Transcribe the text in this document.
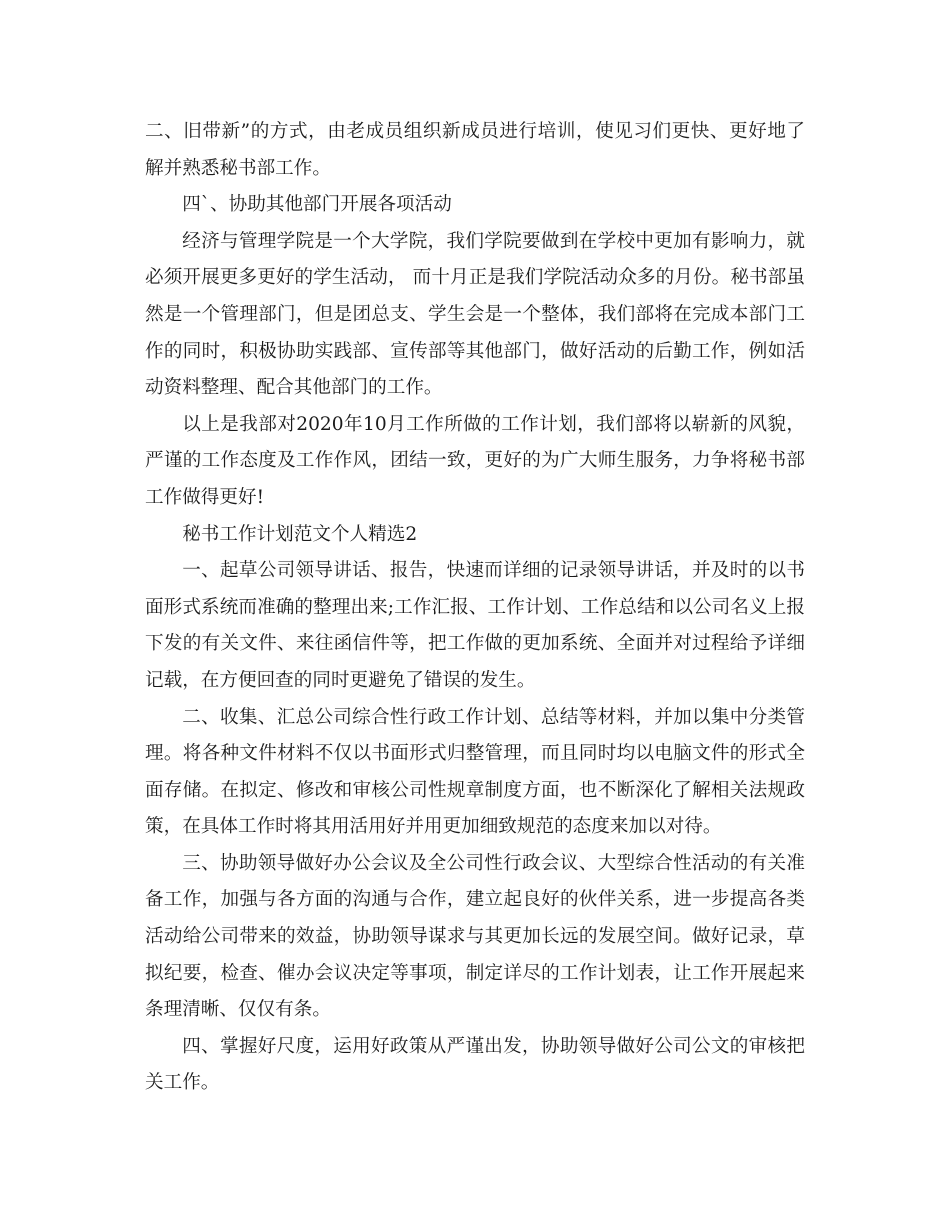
二、旧带新”的方式，由老成员组织新成员进行培训，使见习们更快、更好地了解并熟悉秘书部工作。

四`、协助其他部门开展各项活动

经济与管理学院是一个大学院，我们学院要做到在学校中更加有影响力，就必须开展更多更好的学生活动， 而十月正是我们学院活动众多的月份。秘书部虽然是一个管理部门，但是团总支、学生会是一个整体，我们部将在完成本部门工作的同时，积极协助实践部、宣传部等其他部门，做好活动的后勤工作，例如活动资料整理、配合其他部门的工作。

以上是我部对2020年10月工作所做的工作计划，我们部将以崭新的风貌，严谨的工作态度及工作作风，团结一致，更好的为广大师生服务，力争将秘书部工作做得更好!

秘书工作计划范文个人精选2

一、起草公司领导讲话、报告，快速而详细的记录领导讲话，并及时的以书面形式系统而准确的整理出来;工作汇报、工作计划、工作总结和以公司名义上报下发的有关文件、来往函信件等，把工作做的更加系统、全面并对过程给予详细记载，在方便回查的同时更避免了错误的发生。

二、收集、汇总公司综合性行政工作计划、总结等材料，并加以集中分类管理。将各种文件材料不仅以书面形式归整管理，而且同时均以电脑文件的形式全面存储。在拟定、修改和审核公司性规章制度方面，也不断深化了解相关法规政策，在具体工作时将其用活用好并用更加细致规范的态度来加以对待。

三、协助领导做好办公会议及全公司性行政会议、大型综合性活动的有关准备工作，加强与各方面的沟通与合作，建立起良好的伙伴关系，进一步提高各类活动给公司带来的效益，协助领导谋求与其更加长远的发展空间。做好记录，草拟纪要，检查、催办会议决定等事项，制定详尽的工作计划表，让工作开展起来条理清晰、仅仅有条。

四、掌握好尺度，运用好政策从严谨出发，协助领导做好公司公文的审核把关工作。
